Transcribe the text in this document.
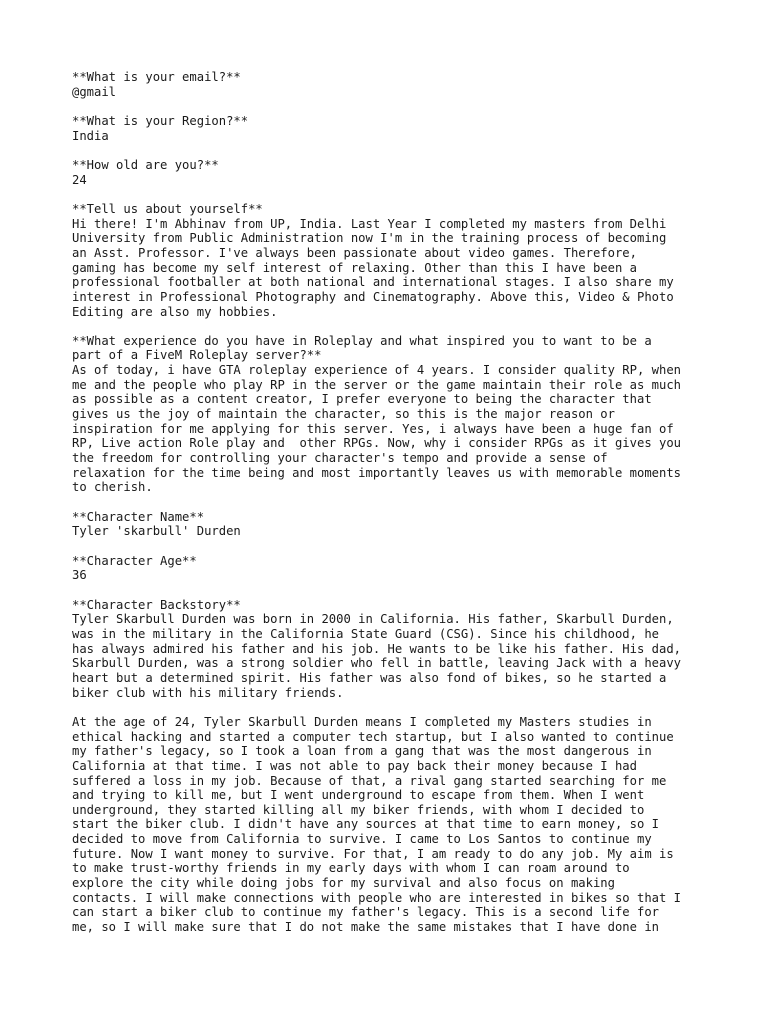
**What is your email?**
@gmail
**What is your Region?**
India
**How old are you?**
24
**Tell us about yourself**
Hi there! I'm Abhinav from UP, India. Last Year I completed my masters from Delhi
University from Public Administration now I'm in the training process of becoming
an Asst. Professor. I've always been passionate about video games. Therefore,
gaming has become my self interest of relaxing. Other than this I have been a
professional footballer at both national and international stages. I also share my
interest in Professional Photography and Cinematography. Above this, Video & Photo
Editing are also my hobbies.
**What experience do you have in Roleplay and what inspired you to want to be a
part of a FiveM Roleplay server?**
As of today, i have GTA roleplay experience of 4 years. I consider quality RP, when
me and the people who play RP in the server or the game maintain their role as much
as possible as a content creator, I prefer everyone to being the character that
gives us the joy of maintain the character, so this is the major reason or
inspiration for me applying for this server. Yes, i always have been a huge fan of
RP, Live action Role play and  other RPGs. Now, why i consider RPGs as it gives you
the freedom for controlling your character's tempo and provide a sense of
relaxation for the time being and most importantly leaves us with memorable moments
to cherish.
**Character Name**
Tyler 'skarbull' Durden
**Character Age**
36
**Character Backstory**
Tyler Skarbull Durden was born in 2000 in California. His father, Skarbull Durden,
was in the military in the California State Guard (CSG). Since his childhood, he
has always admired his father and his job. He wants to be like his father. His dad,
Skarbull Durden, was a strong soldier who fell in battle, leaving Jack with a heavy
heart but a determined spirit. His father was also fond of bikes, so he started a
biker club with his military friends.
At the age of 24, Tyler Skarbull Durden means I completed my Masters studies in
ethical hacking and started a computer tech startup, but I also wanted to continue
my father's legacy, so I took a loan from a gang that was the most dangerous in
California at that time. I was not able to pay back their money because I had
suffered a loss in my job. Because of that, a rival gang started searching for me
and trying to kill me, but I went underground to escape from them. When I went
underground, they started killing all my biker friends, with whom I decided to
start the biker club. I didn't have any sources at that time to earn money, so I
decided to move from California to survive. I came to Los Santos to continue my
future. Now I want money to survive. For that, I am ready to do any job. My aim is
to make trust-worthy friends in my early days with whom I can roam around to
explore the city while doing jobs for my survival and also focus on making
contacts. I will make connections with people who are interested in bikes so that I
can start a biker club to continue my father's legacy. This is a second life for
me, so I will make sure that I do not make the same mistakes that I have done in
